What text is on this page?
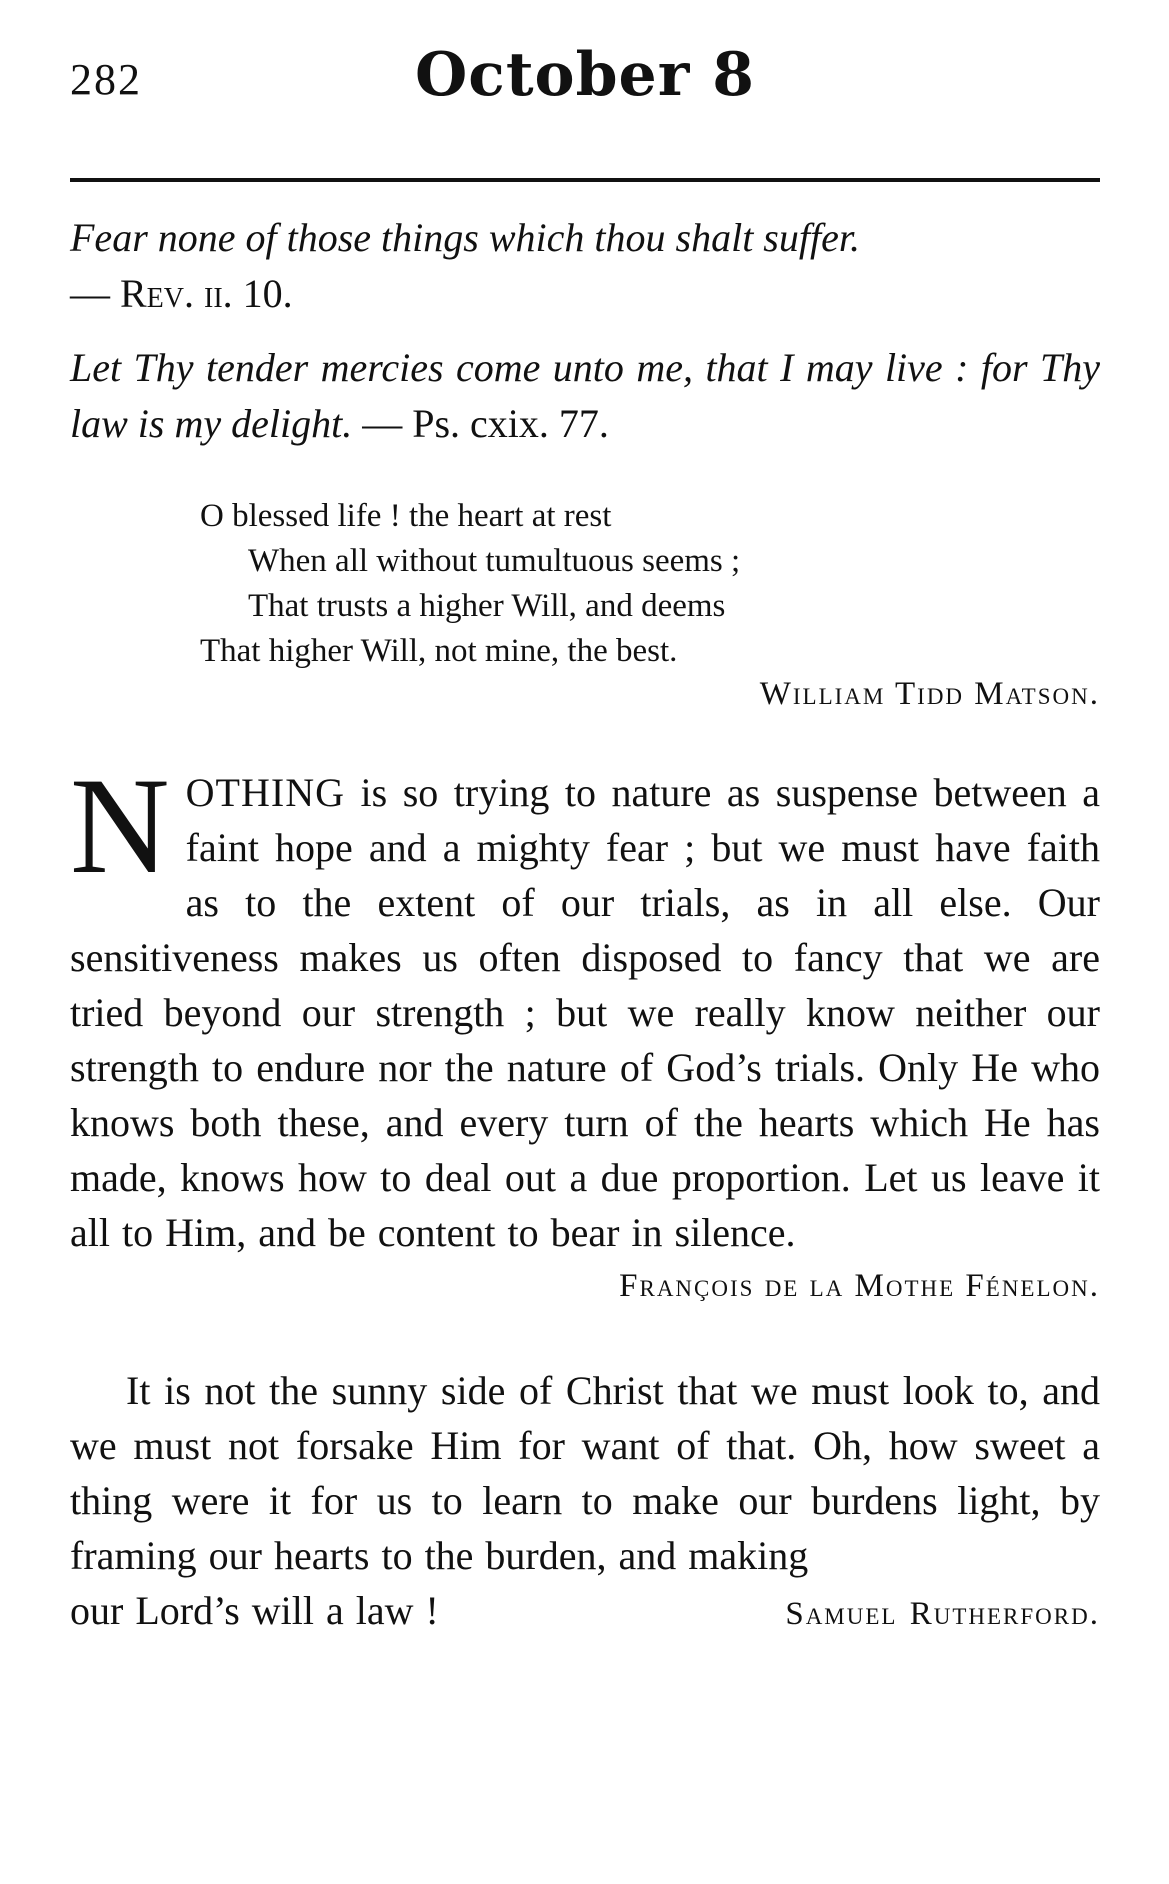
282	October 8
Fear none of those things which thou shalt suffer.
— Rev. ii. 10.
Let Thy tender mercies come unto me, that I may live : for Thy law is my delight. — Ps. cxix. 77.
O blessed life ! the heart at rest
When all without tumultuous seems ;
That trusts a higher Will, and deems
That higher Will, not mine, the best.
William Tidd Matson.
NOTHING is so trying to nature as suspense between a faint hope and a mighty fear ; but we must have faith as to the extent of our trials, as in all else. Our sensitiveness makes us often disposed to fancy that we are tried beyond our strength ; but we really know neither our strength to endure nor the nature of God’s trials. Only He who knows both these, and every turn of the hearts which He has made, knows how to deal out a due proportion. Let us leave it all to Him, and be content to bear in silence.
François de la Mothe Fénelon.
It is not the sunny side of Christ that we must look to, and we must not forsake Him for want of that. Oh, how sweet a thing were it for us to learn to make our burdens light, by framing our hearts to the burden, and making
our Lord’s will a law !	Samuel Rutherford.
